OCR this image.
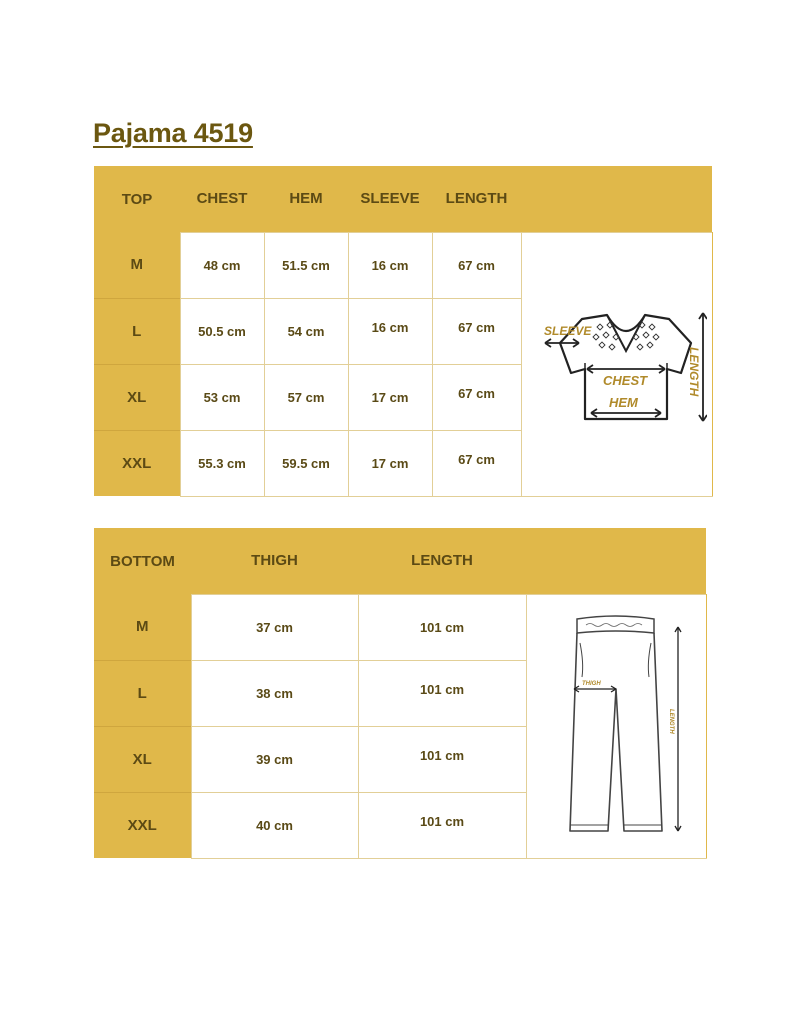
Pajama 4519
TOP	CHEST	HEM	SLEEVE	LENGTH	
M	48 cm	51.5 cm	16 cm	67 cm	SLEEVE
CHEST
HEM
LENGTH

L	50.5 cm	54 cm	16 cm	67 cm	
XL	53 cm	57 cm	17 cm	67 cm	
XXL	55.3 cm	59.5 cm	17 cm	67 cm	
BOTTOM	THIGH	LENGTH	
M	37 cm	101 cm	THIGH
LENGTH

L	38 cm	101 cm	
XL	39 cm	101 cm	
XXL	40 cm	101 cm	
